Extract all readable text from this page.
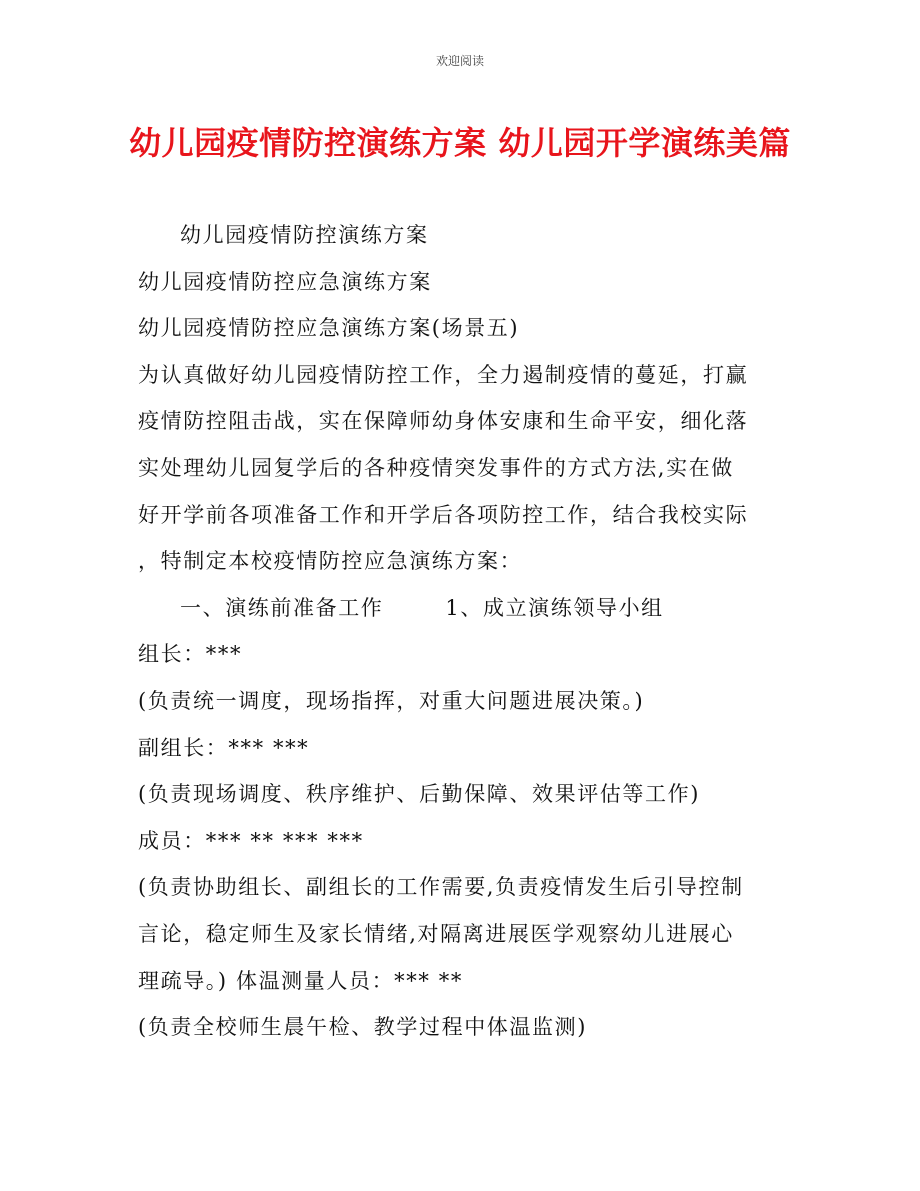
欢迎阅读
幼儿园疫情防控演练方案 幼儿园开学演练美篇

幼儿园疫情防控演练方案

幼儿园疫情防控应急演练方案

幼儿园疫情防控应急演练方案(场景五)

为认真做好幼儿园疫情防控工作，全力遏制疫情的蔓延，打赢

疫情防控阻击战，实在保障师幼身体安康和生命平安，细化落

实处理幼儿园复学后的各种疫情突发事件的方式方法,实在做

好开学前各项准备工作和开学后各项防控工作，结合我校实际

，特制定本校疫情防控应急演练方案：

一、演练前准备工作	1、成立演练领导小组

组长：***

(负责统一调度，现场指挥，对重大问题进展决策。)

副组长：*** ***

(负责现场调度、秩序维护、后勤保障、效果评估等工作)

成员：*** ** *** ***

(负责协助组长、副组长的工作需要,负责疫情发生后引导控制

言论，稳定师生及家长情绪,对隔离进展医学观察幼儿进展心

理疏导。) 体温测量人员：*** **

(负责全校师生晨午检、教学过程中体温监测)
